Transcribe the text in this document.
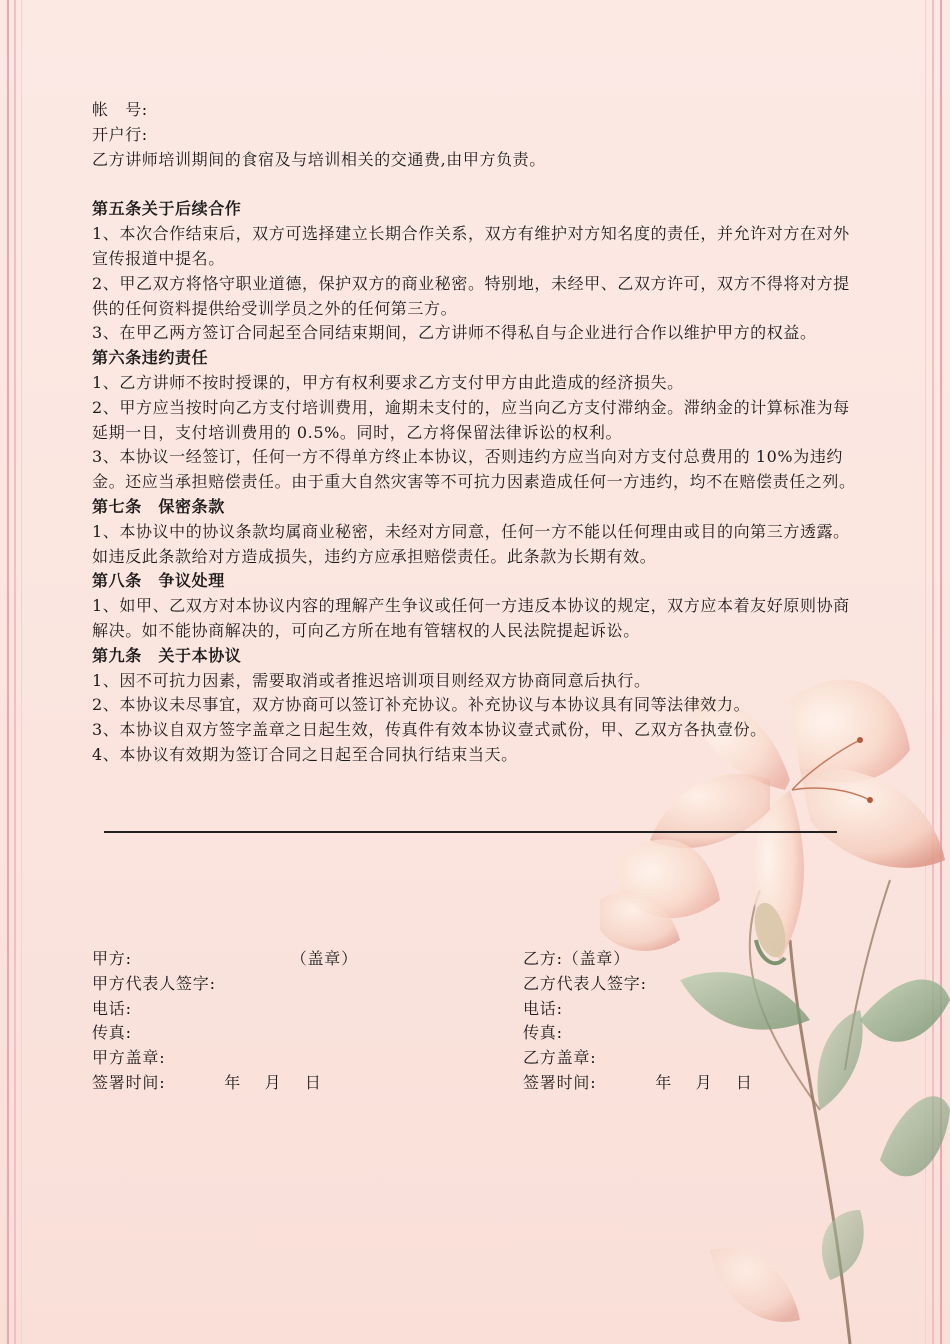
帐　号:

开户行:

乙方讲师培训期间的食宿及与培训相关的交通费,由甲方负责。

第五条关于后续合作

1、本次合作结束后，双方可选择建立长期合作关系，双方有维护对方知名度的责任，并允许对方在对外宣传报道中提名。

2、甲乙双方将恪守职业道德，保护双方的商业秘密。特别地，未经甲、乙双方许可，双方不得将对方提供的任何资料提供给受训学员之外的任何第三方。

3、在甲乙两方签订合同起至合同结束期间，乙方讲师不得私自与企业进行合作以维护甲方的权益。

第六条违约责任

1、乙方讲师不按时授课的，甲方有权利要求乙方支付甲方由此造成的经济损失。

2、甲方应当按时向乙方支付培训费用，逾期未支付的，应当向乙方支付滞纳金。滞纳金的计算标准为每延期一日，支付培训费用的 0.5%。同时，乙方将保留法律诉讼的权利。

3、本协议一经签订，任何一方不得单方终止本协议，否则违约方应当向对方支付总费用的 10%为违约金。还应当承担赔偿责任。由于重大自然灾害等不可抗力因素造成任何一方违约，均不在赔偿责任之列。

第七条　保密条款

1、本协议中的协议条款均属商业秘密，未经对方同意，任何一方不能以任何理由或目的向第三方透露。如违反此条款给对方造成损失，违约方应承担赔偿责任。此条款为长期有效。

第八条　争议处理

1、如甲、乙双方对本协议内容的理解产生争议或任何一方违反本协议的规定，双方应本着友好原则协商解决。如不能协商解决的，可向乙方所在地有管辖权的人民法院提起诉讼。

第九条　关于本协议

1、因不可抗力因素，需要取消或者推迟培训项目则经双方协商同意后执行。

2、本协议未尽事宜，双方协商可以签订补充协议。补充协议与本协议具有同等法律效力。

3、本协议自双方签字盖章之日起生效，传真件有效本协议壹式贰份，甲、乙双方各执壹份。

4、本协议有效期为签订合同之日起至合同执行结束当天。

甲方:                           （盖章）
甲方代表人签字:
电话:
传真:
甲方盖章:
签署时间:          年    月    日
乙方:（盖章）
乙方代表人签字:
电话:
传真:
乙方盖章:
签署时间:          年    月    日
